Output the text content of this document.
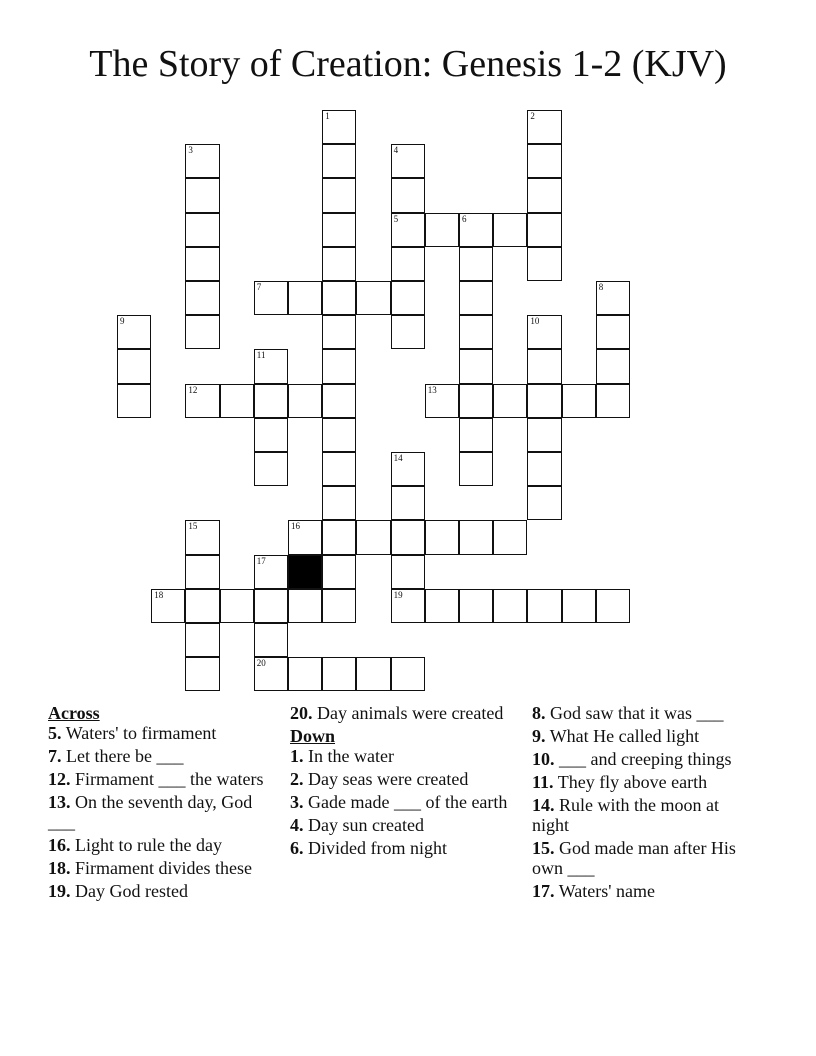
The Story of Creation: Genesis 1-2 (KJV)
1	2
3	4
5	6
7	8
9	10
11
12	13
14
15	16
17
18	19
20
Across
5. Waters' to firmament
7. Let there be ___
12. Firmament ___ the waters
13. On the seventh day, God ___
16. Light to rule the day
18. Firmament divides these
19. Day God rested
20. Day animals were created
Down
1. In the water
2. Day seas were created
3. Gade made ___ of the earth
4. Day sun created
6. Divided from night
8. God saw that it was ___
9. What He called light
10. ___ and creeping things
11. They fly above earth
14. Rule with the moon at night
15. God made man after His own ___
17. Waters' name
